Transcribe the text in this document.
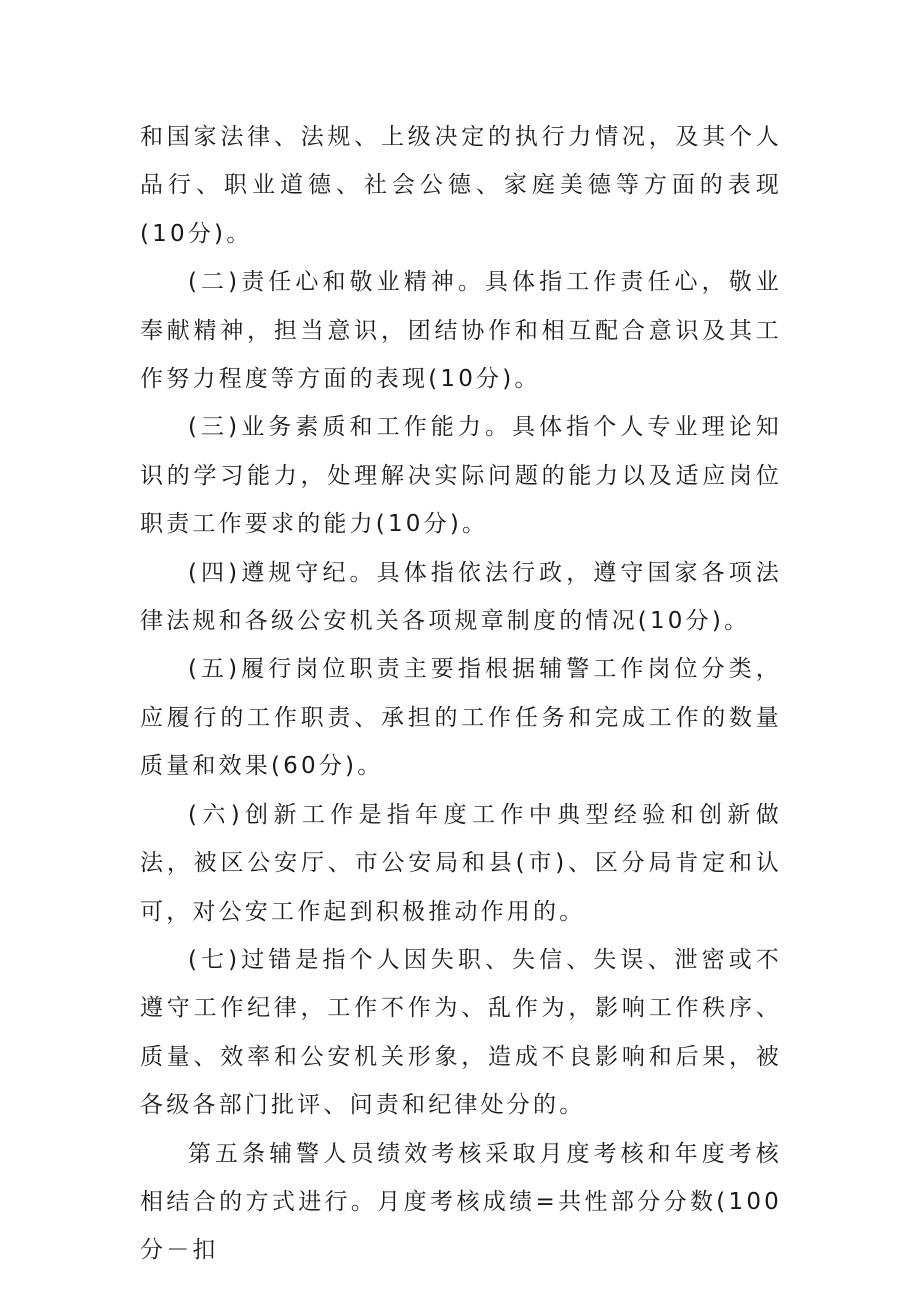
和国家法律、法规、上级决定的执行力情况，及其个人品行、职业道德、社会公德、家庭美德等方面的表现(10分)。

(二)责任心和敬业精神。具体指工作责任心，敬业奉献精神，担当意识，团结协作和相互配合意识及其工作努力程度等方面的表现(10分)。

(三)业务素质和工作能力。具体指个人专业理论知识的学习能力，处理解决实际问题的能力以及适应岗位职责工作要求的能力(10分)。

(四)遵规守纪。具体指依法行政，遵守国家各项法律法规和各级公安机关各项规章制度的情况(10分)。

(五)履行岗位职责主要指根据辅警工作岗位分类，应履行的工作职责、承担的工作任务和完成工作的数量质量和效果(60分)。

(六)创新工作是指年度工作中典型经验和创新做法，被区公安厅、市公安局和县(市)、区分局肯定和认可，对公安工作起到积极推动作用的。

(七)过错是指个人因失职、失信、失误、泄密或不遵守工作纪律，工作不作为、乱作为，影响工作秩序、质量、效率和公安机关形象，造成不良影响和后果，被各级各部门批评、问责和纪律处分的。

第五条辅警人员绩效考核采取月度考核和年度考核相结合的方式进行。月度考核成绩=共性部分分数(100分－扣
